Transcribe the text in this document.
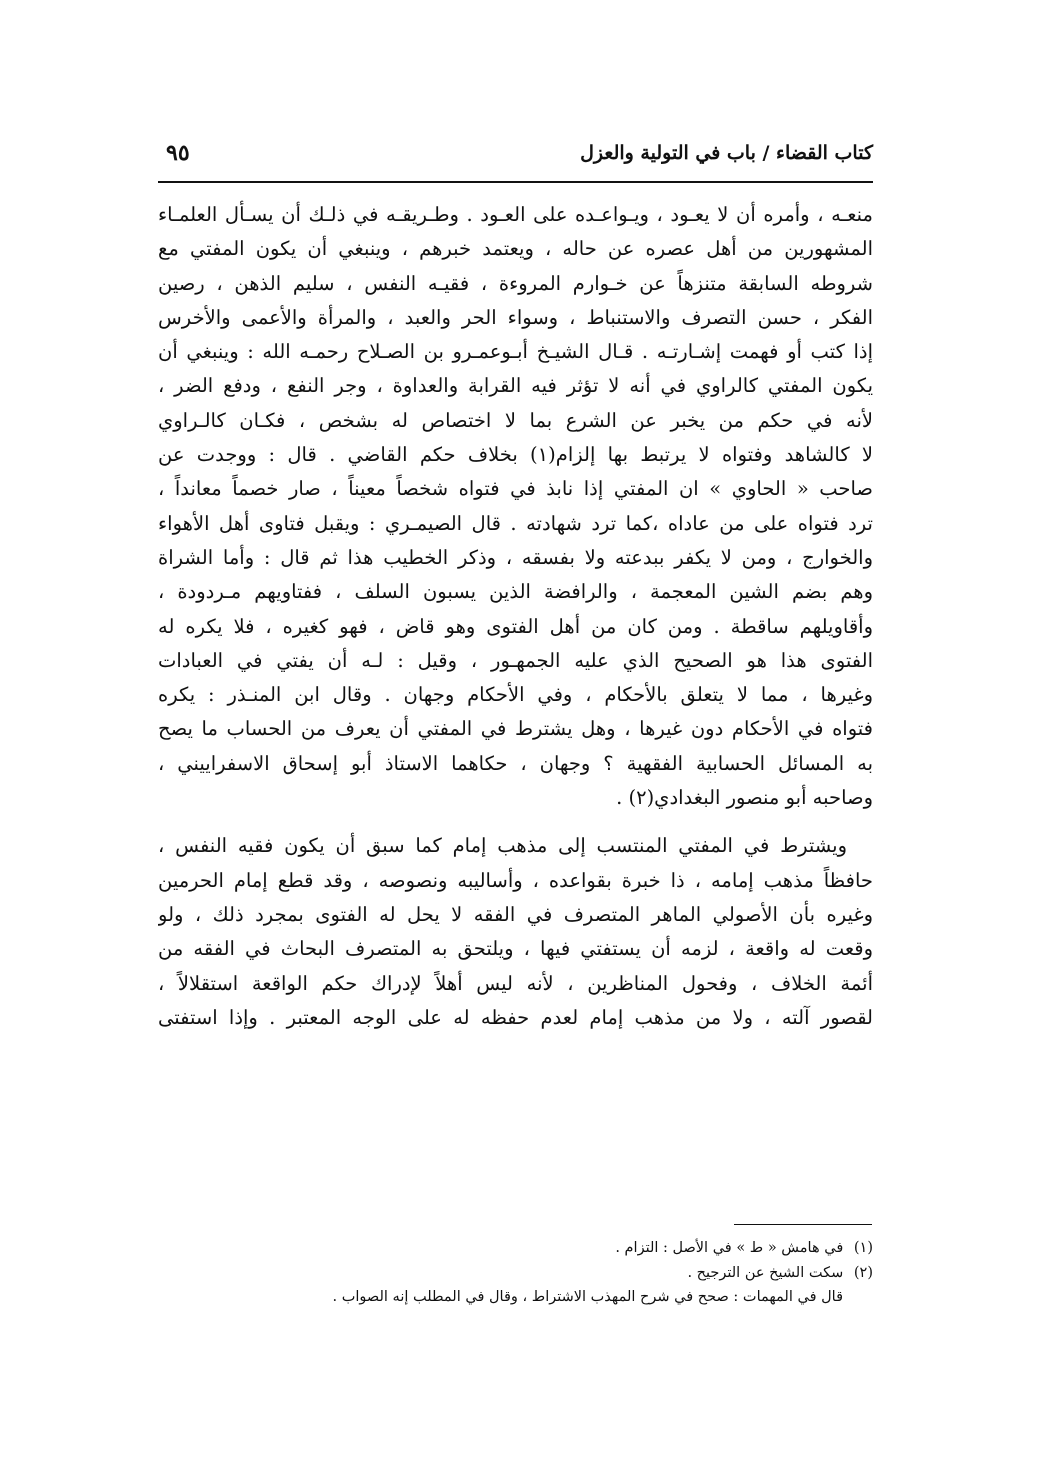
كتاب القضاء / باب في التولية والعزل
٩٥
منعـه ، وأمره أن لا يعـود ، ويـواعـده على العـود . وطـريقـه في ذلـك أن يسـأل العلمـاء
المشهورين من أهل عصره عن حاله ، ويعتمد خبرهم ، وينبغي أن يكون المفتي مع
شروطه السابقة متنزهاً عن خـوارم المروءة ، فقيـه النفس ، سليم الذهن ، رصين
الفكر ، حسن التصرف والاستنباط ، وسواء الحر والعبد ، والمرأة والأعمى والأخرس
إذا كتب أو فهمت إشـارتـه . قـال الشيـخ أبـوعمـرو بن الصـلاح رحمـه الله : وينبغي أن
يكون المفتي كالراوي في أنه لا تؤثر فيه القرابة والعداوة ، وجر النفع ، ودفع الضر ،
لأنه في حكم من يخبر عن الشرع بما لا اختصاص له بشخص ، فكـان كالـراوي
لا كالشاهد وفتواه لا يرتبط بها إلزام(١) بخلاف حكم القاضي . قال : ووجدت عن
صاحب « الحاوي » ان المفتي إذا نابذ في فتواه شخصاً معيناً ، صار خصماً معانداً ،
ترد فتواه على من عاداه ،كما ترد شهادته . قال الصيمـري : ويقبل فتاوى أهل الأهواء
والخوارج ، ومن لا يكفر ببدعته ولا بفسقه ، وذكر الخطيب هذا ثم قال : وأما الشراة
وهم بضم الشين المعجمة ، والرافضة الذين يسبون السلف ، ففتاويهم مـردودة ،
وأقاويلهم ساقطة . ومن كان من أهل الفتوى وهو قاض ، فهو كغيره ، فلا يكره له
الفتوى هذا هو الصحيح الذي عليه الجمهـور ، وقيل : لـه أن يفتي في العبادات
وغيرها ، مما لا يتعلق بالأحكام ، وفي الأحكام وجهان . وقال ابن المنـذر : يكره
فتواه في الأحكام دون غيرها ، وهل يشترط في المفتي أن يعرف من الحساب ما يصح
به المسائل الحسابية الفقهية ؟ وجهان ، حكاهما الاستاذ أبو إسحاق الاسفراييني ،
وصاحبه أبو منصور البغدادي(٢) .
ويشترط في المفتي المنتسب إلى مذهب إمام كما سبق أن يكون فقيه النفس ،
حافظاً مذهب إمامه ، ذا خبرة بقواعده ، وأساليبه ونصوصه ، وقد قطع إمام الحرمين
وغيره بأن الأصولي الماهر المتصرف في الفقه لا يحل له الفتوى بمجرد ذلك ، ولو
وقعت له واقعة ، لزمه أن يستفتي فيها ، ويلتحق به المتصرف البحاث في الفقه من
أئمة الخلاف ، وفحول المناظرين ، لأنه ليس أهلاً لإدراك حكم الواقعة استقلالاً ،
لقصور آلته ، ولا من مذهب إمام لعدم حفظه له على الوجه المعتبر . وإذا استفتى
(١) في هامش « ط » في الأصل : التزام .
(٢) سكت الشيخ عن الترجيح .
قال في المهمات : صحح في شرح المهذب الاشتراط ، وقال في المطلب إنه الصواب .
